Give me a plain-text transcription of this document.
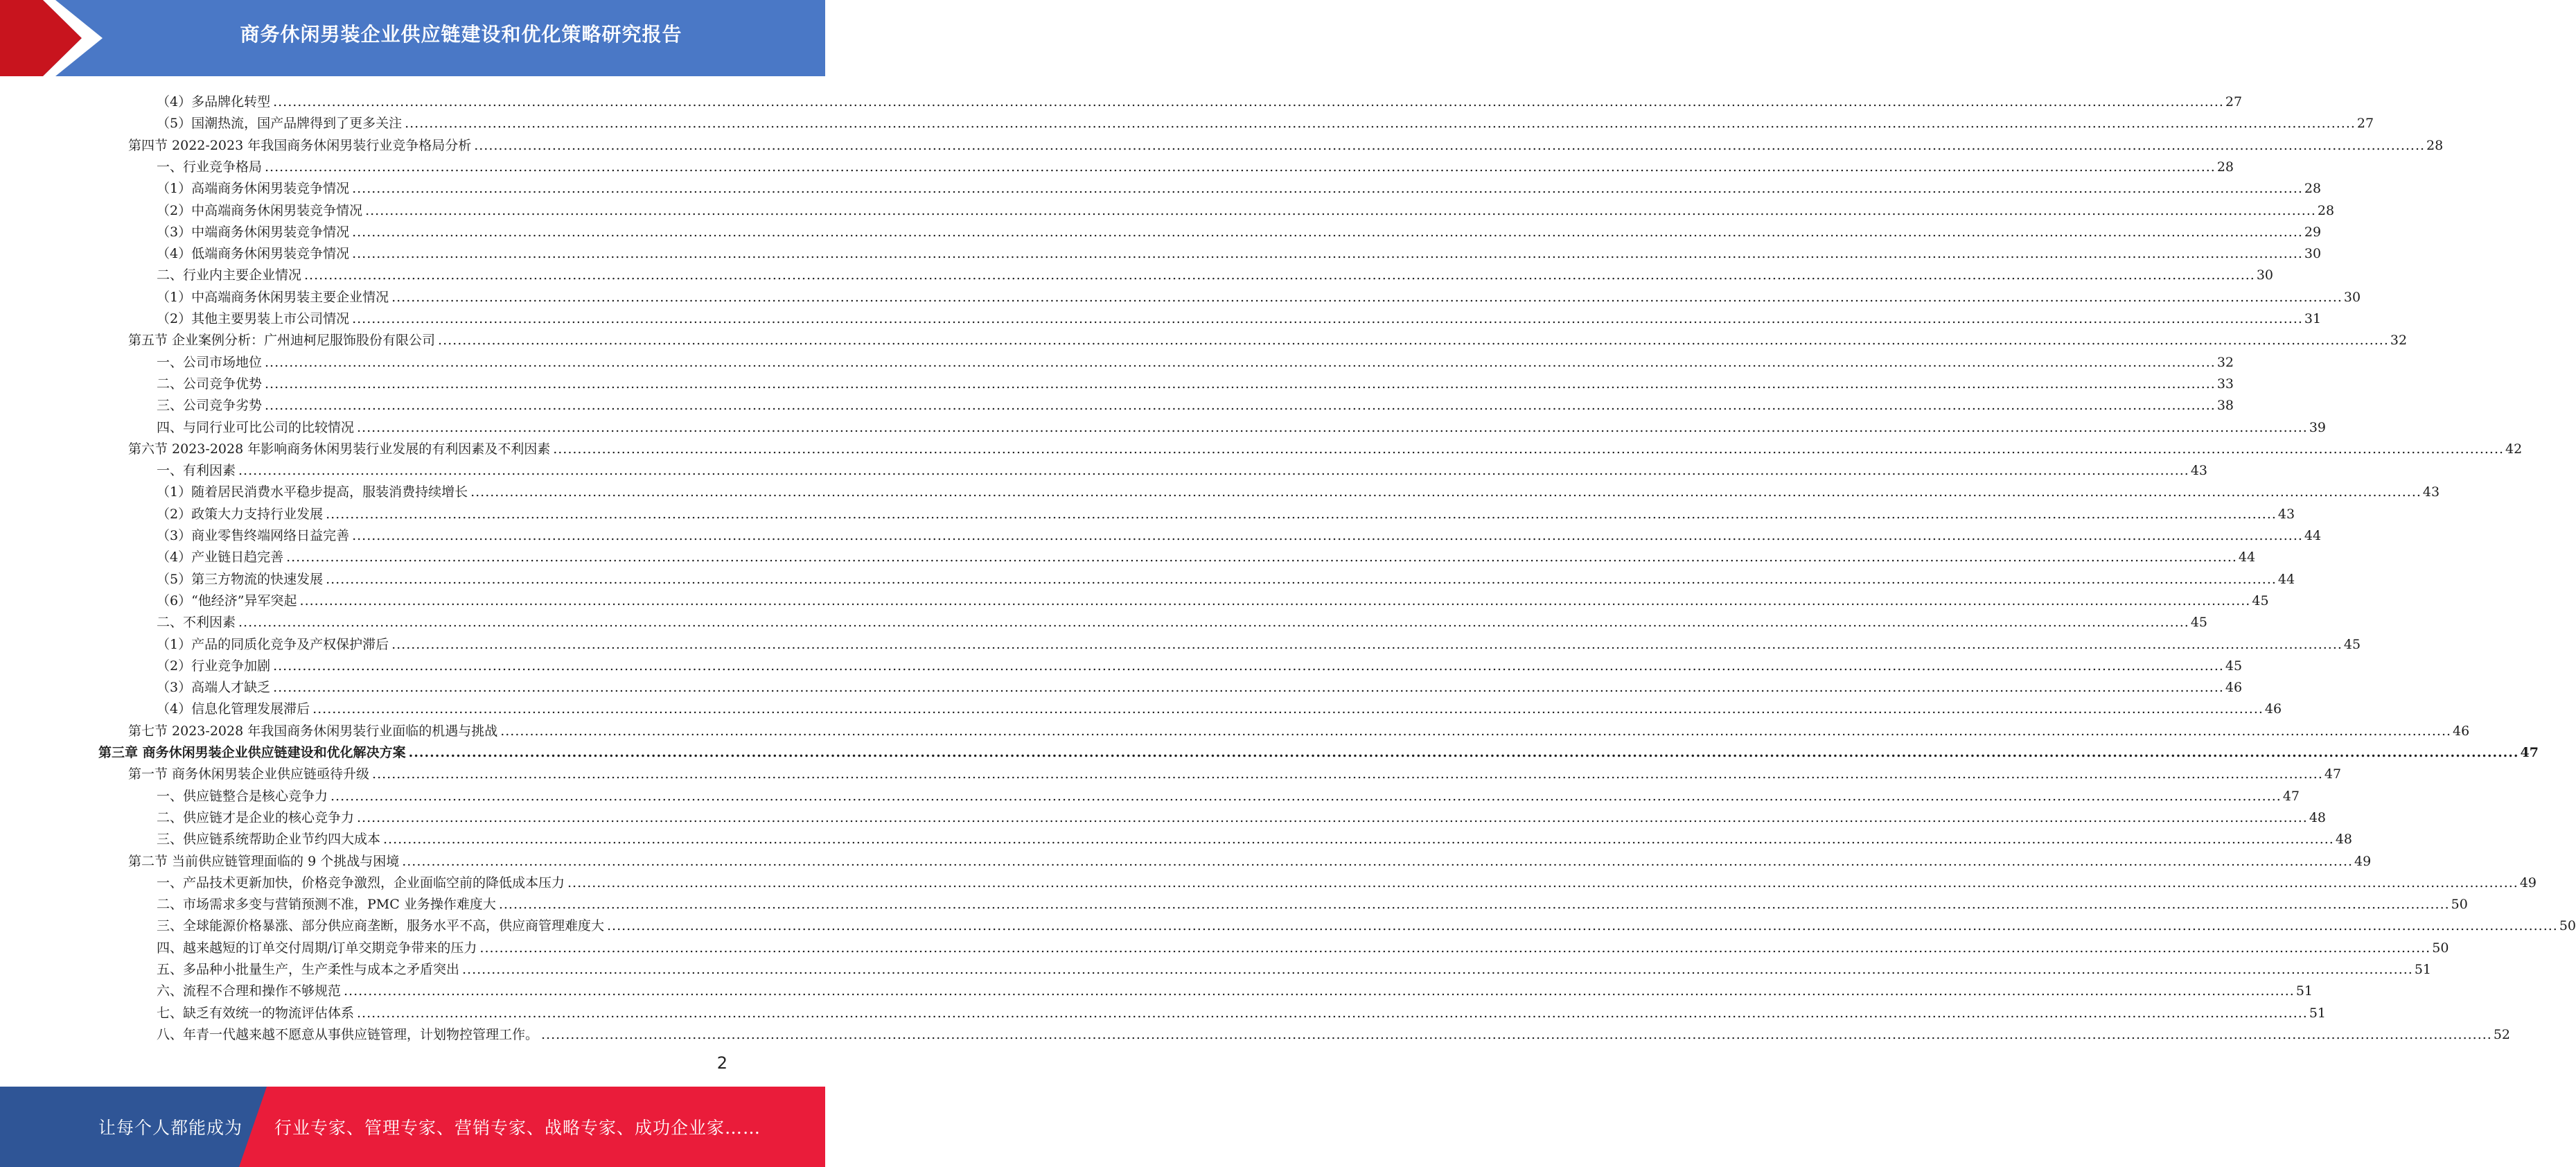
商务休闲男装企业供应链建设和优化策略研究报告
（4）多品牌化转型 ................................................................................................................................................................................................................................................................................................................................................................................................................ 27
（5）国潮热流，国产品牌得到了更多关注 ................................................................................................................................................................................................................................................................................................................................................................................................................ 27
第四节 2022-2023 年我国商务休闲男装行业竞争格局分析 ................................................................................................................................................................................................................................................................................................................................................................................................................ 28
一、行业竞争格局 ................................................................................................................................................................................................................................................................................................................................................................................................................ 28
（1）高端商务休闲男装竞争情况 ................................................................................................................................................................................................................................................................................................................................................................................................................ 28
（2）中高端商务休闲男装竞争情况 ................................................................................................................................................................................................................................................................................................................................................................................................................ 28
（3）中端商务休闲男装竞争情况 ................................................................................................................................................................................................................................................................................................................................................................................................................ 29
（4）低端商务休闲男装竞争情况 ................................................................................................................................................................................................................................................................................................................................................................................................................ 30
二、行业内主要企业情况 ................................................................................................................................................................................................................................................................................................................................................................................................................ 30
（1）中高端商务休闲男装主要企业情况 ................................................................................................................................................................................................................................................................................................................................................................................................................ 30
（2）其他主要男装上市公司情况 ................................................................................................................................................................................................................................................................................................................................................................................................................ 31
第五节 企业案例分析：广州迪柯尼服饰股份有限公司 ................................................................................................................................................................................................................................................................................................................................................................................................................ 32
一、公司市场地位 ................................................................................................................................................................................................................................................................................................................................................................................................................ 32
二、公司竞争优势 ................................................................................................................................................................................................................................................................................................................................................................................................................ 33
三、公司竞争劣势 ................................................................................................................................................................................................................................................................................................................................................................................................................ 38
四、与同行业可比公司的比较情况 ................................................................................................................................................................................................................................................................................................................................................................................................................ 39
第六节 2023-2028 年影响商务休闲男装行业发展的有利因素及不利因素 ................................................................................................................................................................................................................................................................................................................................................................................................................ 42
一、有利因素 ................................................................................................................................................................................................................................................................................................................................................................................................................ 43
（1）随着居民消费水平稳步提高，服装消费持续增长 ................................................................................................................................................................................................................................................................................................................................................................................................................ 43
（2）政策大力支持行业发展 ................................................................................................................................................................................................................................................................................................................................................................................................................ 43
（3）商业零售终端网络日益完善 ................................................................................................................................................................................................................................................................................................................................................................................................................ 44
（4）产业链日趋完善 ................................................................................................................................................................................................................................................................................................................................................................................................................ 44
（5）第三方物流的快速发展 ................................................................................................................................................................................................................................................................................................................................................................................................................ 44
（6）“他经济”异军突起 ................................................................................................................................................................................................................................................................................................................................................................................................................ 45
二、不利因素 ................................................................................................................................................................................................................................................................................................................................................................................................................ 45
（1）产品的同质化竞争及产权保护滞后 ................................................................................................................................................................................................................................................................................................................................................................................................................ 45
（2）行业竞争加剧 ................................................................................................................................................................................................................................................................................................................................................................................................................ 45
（3）高端人才缺乏 ................................................................................................................................................................................................................................................................................................................................................................................................................ 46
（4）信息化管理发展滞后 ................................................................................................................................................................................................................................................................................................................................................................................................................ 46
第七节 2023-2028 年我国商务休闲男装行业面临的机遇与挑战 ................................................................................................................................................................................................................................................................................................................................................................................................................ 46
第三章 商务休闲男装企业供应链建设和优化解决方案 ................................................................................................................................................................................................................................................................................................................................................................................................................ 47
第一节 商务休闲男装企业供应链亟待升级 ................................................................................................................................................................................................................................................................................................................................................................................................................ 47
一、供应链整合是核心竞争力 ................................................................................................................................................................................................................................................................................................................................................................................................................ 47
二、供应链才是企业的核心竞争力 ................................................................................................................................................................................................................................................................................................................................................................................................................ 48
三、供应链系统帮助企业节约四大成本 ................................................................................................................................................................................................................................................................................................................................................................................................................ 48
第二节 当前供应链管理面临的 9 个挑战与困境 ................................................................................................................................................................................................................................................................................................................................................................................................................ 49
一、产品技术更新加快，价格竞争激烈，企业面临空前的降低成本压力 ................................................................................................................................................................................................................................................................................................................................................................................................................ 49
二、市场需求多变与营销预测不准，PMC 业务操作难度大 ................................................................................................................................................................................................................................................................................................................................................................................................................ 50
三、全球能源价格暴涨、部分供应商垄断，服务水平不高，供应商管理难度大 ................................................................................................................................................................................................................................................................................................................................................................................................................ 50
四、越来越短的订单交付周期/订单交期竞争带来的压力 ................................................................................................................................................................................................................................................................................................................................................................................................................ 50
五、多品种小批量生产，生产柔性与成本之矛盾突出 ................................................................................................................................................................................................................................................................................................................................................................................................................ 51
六、流程不合理和操作不够规范 ................................................................................................................................................................................................................................................................................................................................................................................................................ 51
七、缺乏有效统一的物流评估体系 ................................................................................................................................................................................................................................................................................................................................................................................................................ 51
八、年青一代越来越不愿意从事供应链管理，计划物控管理工作。 ................................................................................................................................................................................................................................................................................................................................................................................................................ 52
2
让每个人都能成为 行业专家、管理专家、营销专家、战略专家、成功企业家……
